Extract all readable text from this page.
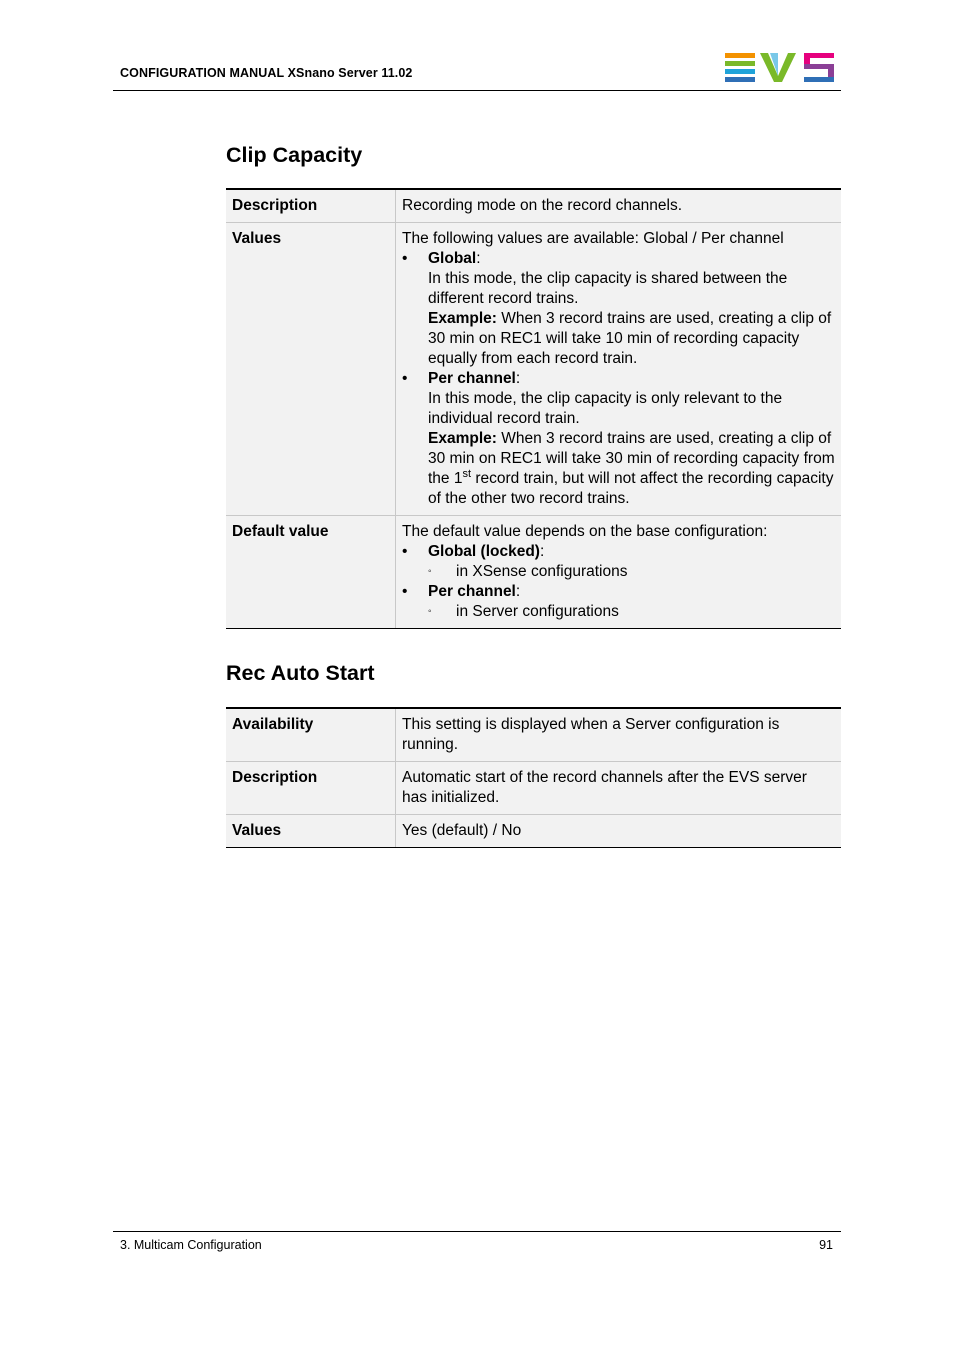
CONFIGURATION MANUAL XSnano Server 11.02
Clip Capacity
Description	Recording mode on the record channels.
Values	The following values are available: Global / Per channel
•	Global:
In this mode, the clip capacity is shared between the
different record trains.
Example: When 3 record trains are used, creating a clip of
30 min on REC1 will take 10 min of recording capacity
equally from each record train.
•	Per channel:
In this mode, the clip capacity is only relevant to the
individual record train.
Example: When 3 record trains are used, creating a clip of
30 min on REC1 will take 30 min of recording capacity from
the 1st record train, but will not affect the recording capacity
of the other two record trains.
Default value	The default value depends on the base configuration:
•	Global (locked):
◦ in XSense configurations
•	Per channel:
◦ in Server configurations
Rec Auto Start
Availability	This setting is displayed when a Server configuration is
running.
Description	Automatic start of the record channels after the EVS server
has initialized.
Values	Yes (default) / No
3. Multicam Configuration	91
